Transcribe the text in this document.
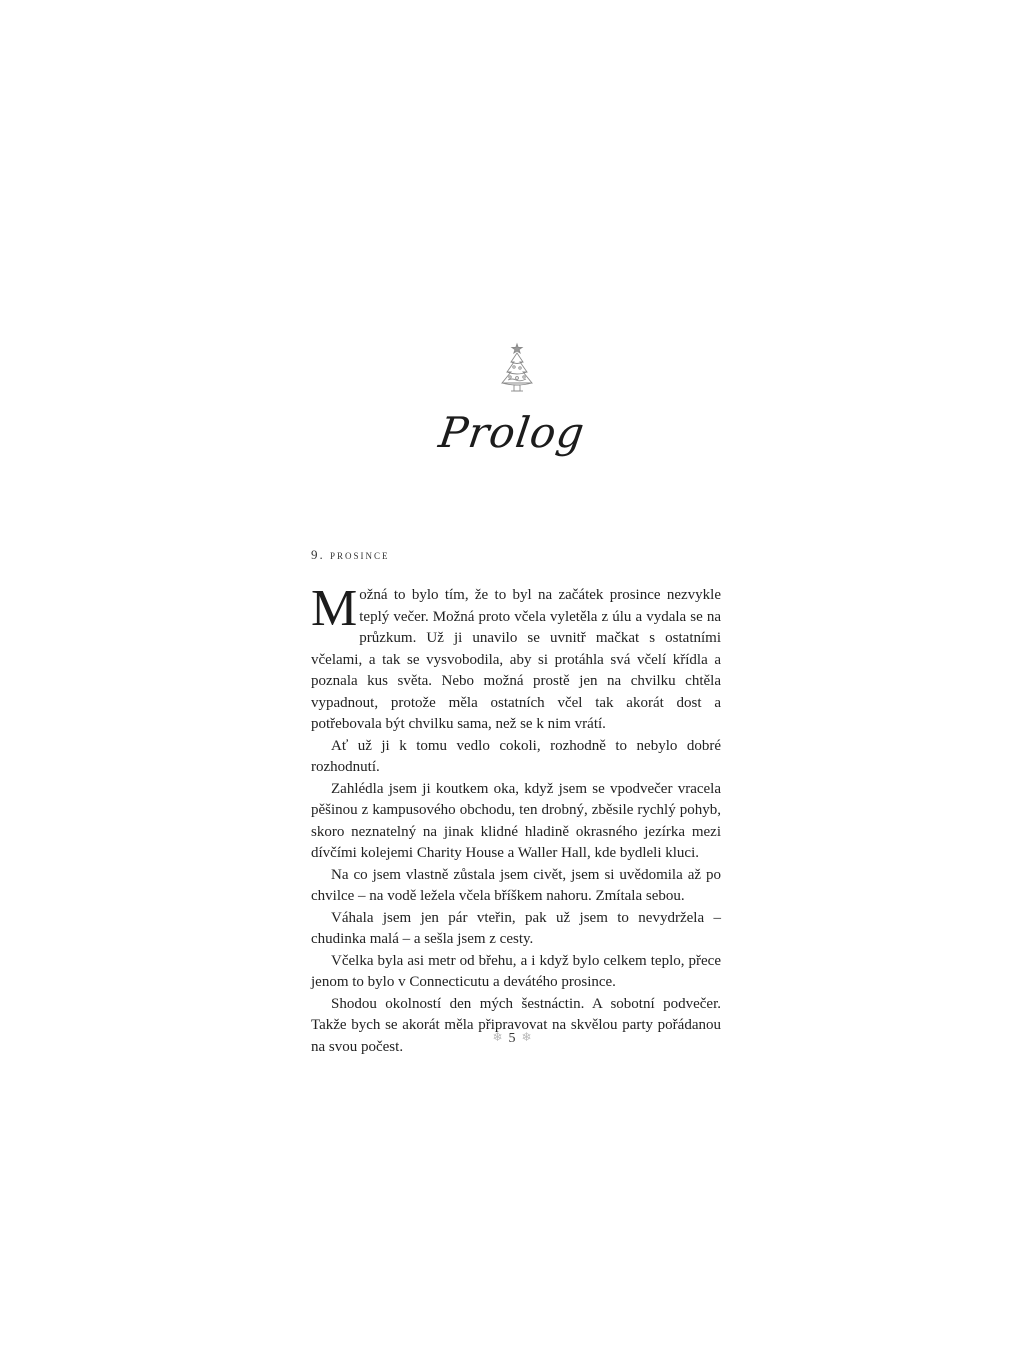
Prolog
9. prosince

Možná to bylo tím, že to byl na začátek prosince nezvykle teplý večer. Možná proto včela vyletěla z úlu a vydala se na průzkum. Už ji unavilo se uvnitř mačkat s ostatními včelami, a tak se vysvobodila, aby si protáhla svá včelí křídla a poznala kus světa. Nebo možná prostě jen na chvilku chtěla vypadnout, protože měla ostatních včel tak akorát dost a potřebovala být chvilku sama, než se k nim vrátí.

Ať už ji k tomu vedlo cokoli, rozhodně to nebylo dobré rozhodnutí.

Zahlédla jsem ji koutkem oka, když jsem se vpodvečer vracela pěšinou z kampusového obchodu, ten drobný, zběsile rychlý pohyb, skoro neznatelný na jinak klidné hladině okrasného jezírka mezi dívčími kolejemi Charity House a Waller Hall, kde bydleli kluci.

Na co jsem vlastně zůstala jsem civět, jsem si uvědomila až po chvilce – na vodě ležela včela bříškem nahoru. Zmítala sebou.

Váhala jsem jen pár vteřin, pak už jsem to nevydržela – chudinka malá – a sešla jsem z cesty.

Včelka byla asi metr od břehu, a i když bylo celkem teplo, přece jenom to bylo v Connecticutu a devátého prosince.

Shodou okolností den mých šestnáctin. A sobotní podvečer. Takže bych se akorát měla připravovat na skvělou party pořádanou na svou počest.

❄ 5 ❄
